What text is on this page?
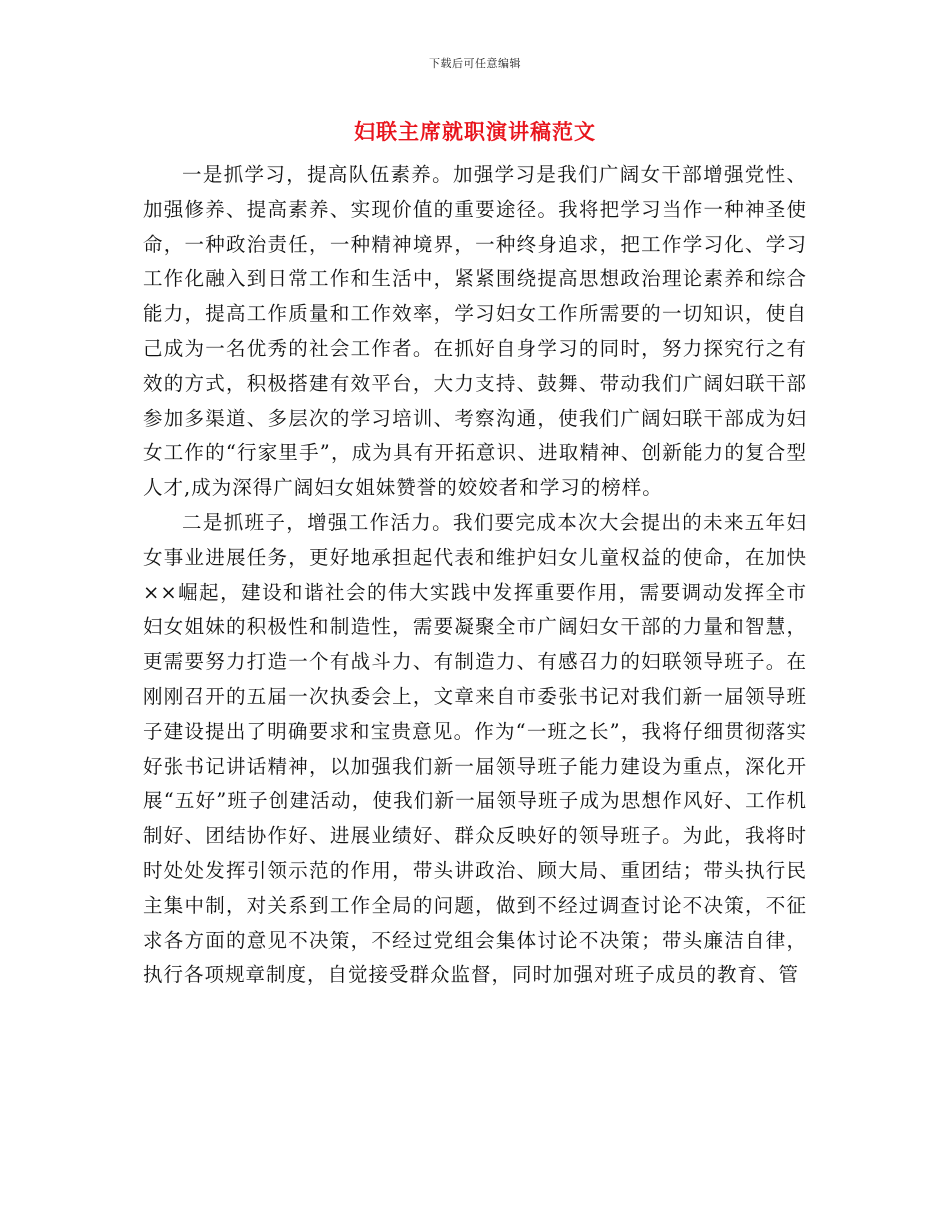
下载后可任意编辑
妇联主席就职演讲稿范文

一是抓学习，提高队伍素养。加强学习是我们广阔女干部增强党性、加强修养、提高素养、实现价值的重要途径。我将把学习当作一种神圣使命，一种政治责任，一种精神境界，一种终身追求，把工作学习化、学习工作化融入到日常工作和生活中，紧紧围绕提高思想政治理论素养和综合能力，提高工作质量和工作效率，学习妇女工作所需要的一切知识，使自己成为一名优秀的社会工作者。在抓好自身学习的同时，努力探究行之有效的方式，积极搭建有效平台，大力支持、鼓舞、带动我们广阔妇联干部参加多渠道、多层次的学习培训、考察沟通，使我们广阔妇联干部成为妇女工作的“行家里手”，成为具有开拓意识、进取精神、创新能力的复合型人才,成为深得广阔妇女姐妹赞誉的姣姣者和学习的榜样。

二是抓班子，增强工作活力。我们要完成本次大会提出的未来五年妇女事业进展任务，更好地承担起代表和维护妇女儿童权益的使命，在加快××崛起，建设和谐社会的伟大实践中发挥重要作用，需要调动发挥全市妇女姐妹的积极性和制造性，需要凝聚全市广阔妇女干部的力量和智慧，更需要努力打造一个有战斗力、有制造力、有感召力的妇联领导班子。在刚刚召开的五届一次执委会上，文章来自市委张书记对我们新一届领导班子建设提出了明确要求和宝贵意见。作为“一班之长”，我将仔细贯彻落实好张书记讲话精神，以加强我们新一届领导班子能力建设为重点，深化开展“五好”班子创建活动，使我们新一届领导班子成为思想作风好、工作机制好、团结协作好、进展业绩好、群众反映好的领导班子。为此，我将时时处处发挥引领示范的作用，带头讲政治、顾大局、重团结；带头执行民主集中制，对关系到工作全局的问题，做到不经过调查讨论不决策，不征求各方面的意见不决策，不经过党组会集体讨论不决策；带头廉洁自律，执行各项规章制度，自觉接受群众监督，同时加强对班子成员的教育、管
